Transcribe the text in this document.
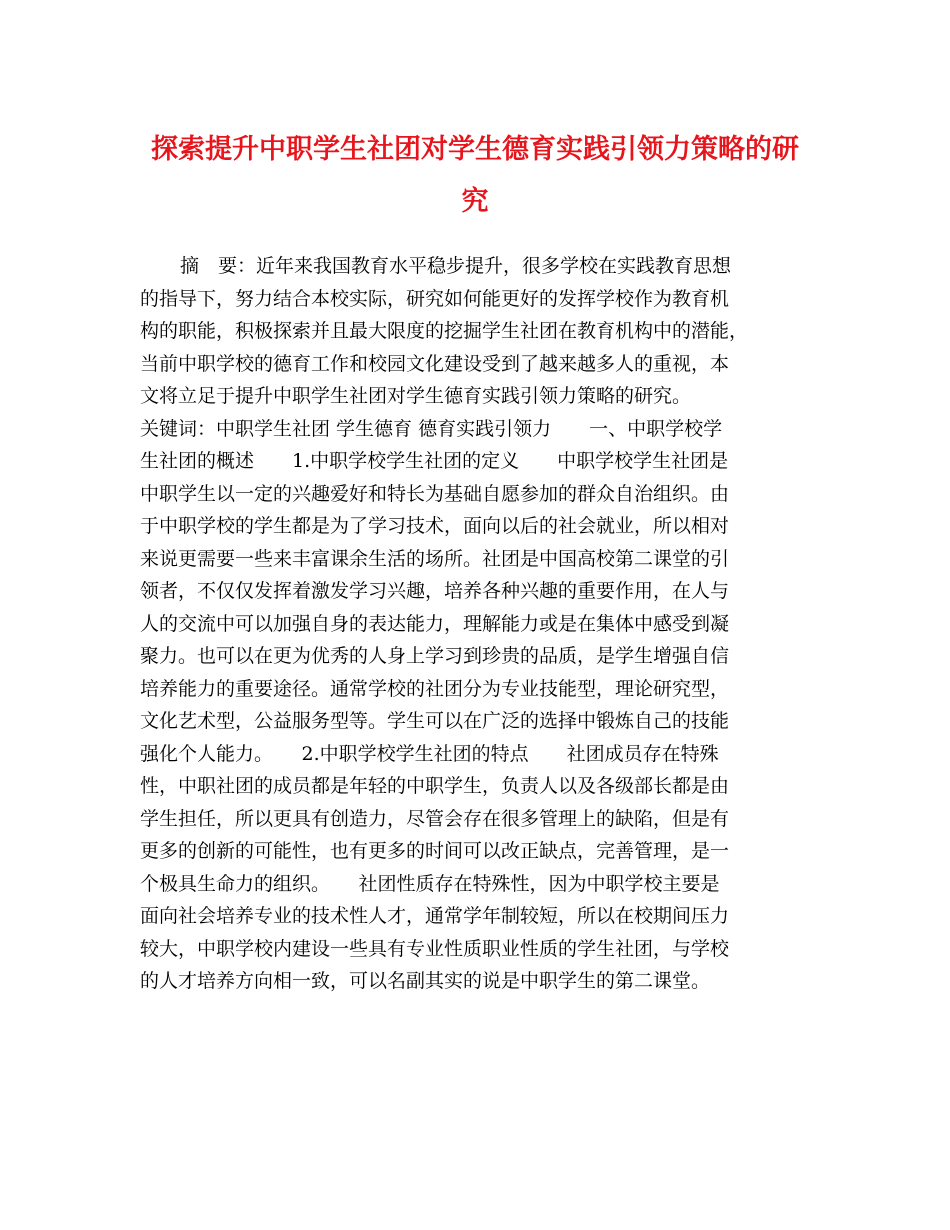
探索提升中职学生社团对学生德育实践引领力策略的研
究
摘　要：近年来我国教育水平稳步提升，很多学校在实践教育思想
的指导下，努力结合本校实际，研究如何能更好的发挥学校作为教育机
构的职能，积极探索并且最大限度的挖掘学生社团在教育机构中的潜能，
当前中职学校的德育工作和校园文化建设受到了越来越多人的重视，本
文将立足于提升中职学生社团对学生德育实践引领力策略的研究。
关键词：中职学生社团 学生德育 德育实践引领力　　一、中职学校学
生社团的概述　　1.中职学校学生社团的定义　　中职学校学生社团是
中职学生以一定的兴趣爱好和特长为基础自愿参加的群众自治组织。由
于中职学校的学生都是为了学习技术，面向以后的社会就业，所以相对
来说更需要一些来丰富课余生活的场所。社团是中国高校第二课堂的引
领者，不仅仅发挥着激发学习兴趣，培养各种兴趣的重要作用，在人与
人的交流中可以加强自身的表达能力，理解能力或是在集体中感受到凝
聚力。也可以在更为优秀的人身上学习到珍贵的品质，是学生增强自信
培养能力的重要途径。通常学校的社团分为专业技能型，理论研究型，
文化艺术型，公益服务型等。学生可以在广泛的选择中锻炼自己的技能
强化个人能力。　　2.中职学校学生社团的特点　　社团成员存在特殊
性，中职社团的成员都是年轻的中职学生，负责人以及各级部长都是由
学生担任，所以更具有创造力，尽管会存在很多管理上的缺陷，但是有
更多的创新的可能性，也有更多的时间可以改正缺点，完善管理，是一
个极具生命力的组织。　　社团性质存在特殊性，因为中职学校主要是
面向社会培养专业的技术性人才，通常学年制较短，所以在校期间压力
较大，中职学校内建设一些具有专业性质职业性质的学生社团，与学校
的人才培养方向相一致，可以名副其实的说是中职学生的第二课堂。
